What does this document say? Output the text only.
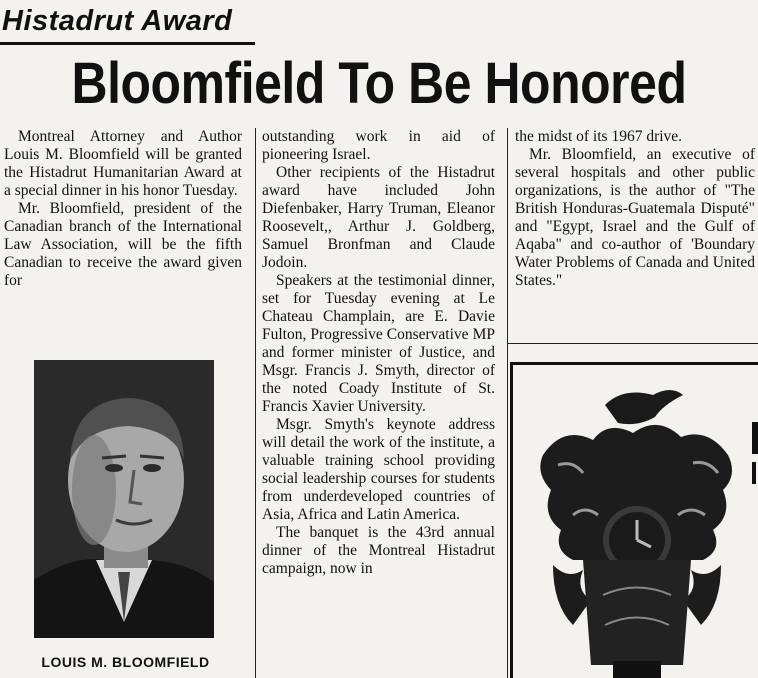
Histadrut Award
Bloomfield To Be Honored

Montreal Attorney and Author Louis M. Bloomfield will be granted the Histadrut Humanitarian Award at a special dinner in his honor Tuesday.

Mr. Bloomfield, president of the Canadian branch of the International Law Association, will be the fifth Canadian to receive the award given for

outstanding work in aid of pioneering Israel.

Other recipients of the Histadrut award have included John Diefenbaker, Harry Truman, Eleanor Roosevelt,, Arthur J. Goldberg, Samuel Bronfman and Claude Jodoin.

Speakers at the testimonial dinner, set for Tuesday evening at Le Chateau Champlain, are E. Davie Fulton, Progressive Conservative MP and former minister of Justice, and Msgr. Francis J. Smyth, director of the noted Coady Institute of St. Francis Xavier University.

Msgr. Smyth's keynote address will detail the work of the institute, a valuable training school providing social leadership courses for students from underdeveloped countries of Asia, Africa and Latin America.

The banquet is the 43rd annual dinner of the Montreal Histadrut campaign, now in

the midst of its 1967 drive.

Mr. Bloomfield, an executive of several hospitals and other public organizations, is the author of "The British Honduras-Guatemala Disputé" and "Egypt, Israel and the Gulf of Aqaba" and co-author of 'Boundary Water Problems of Canada and United States."

LOUIS M. BLOOMFIELD
